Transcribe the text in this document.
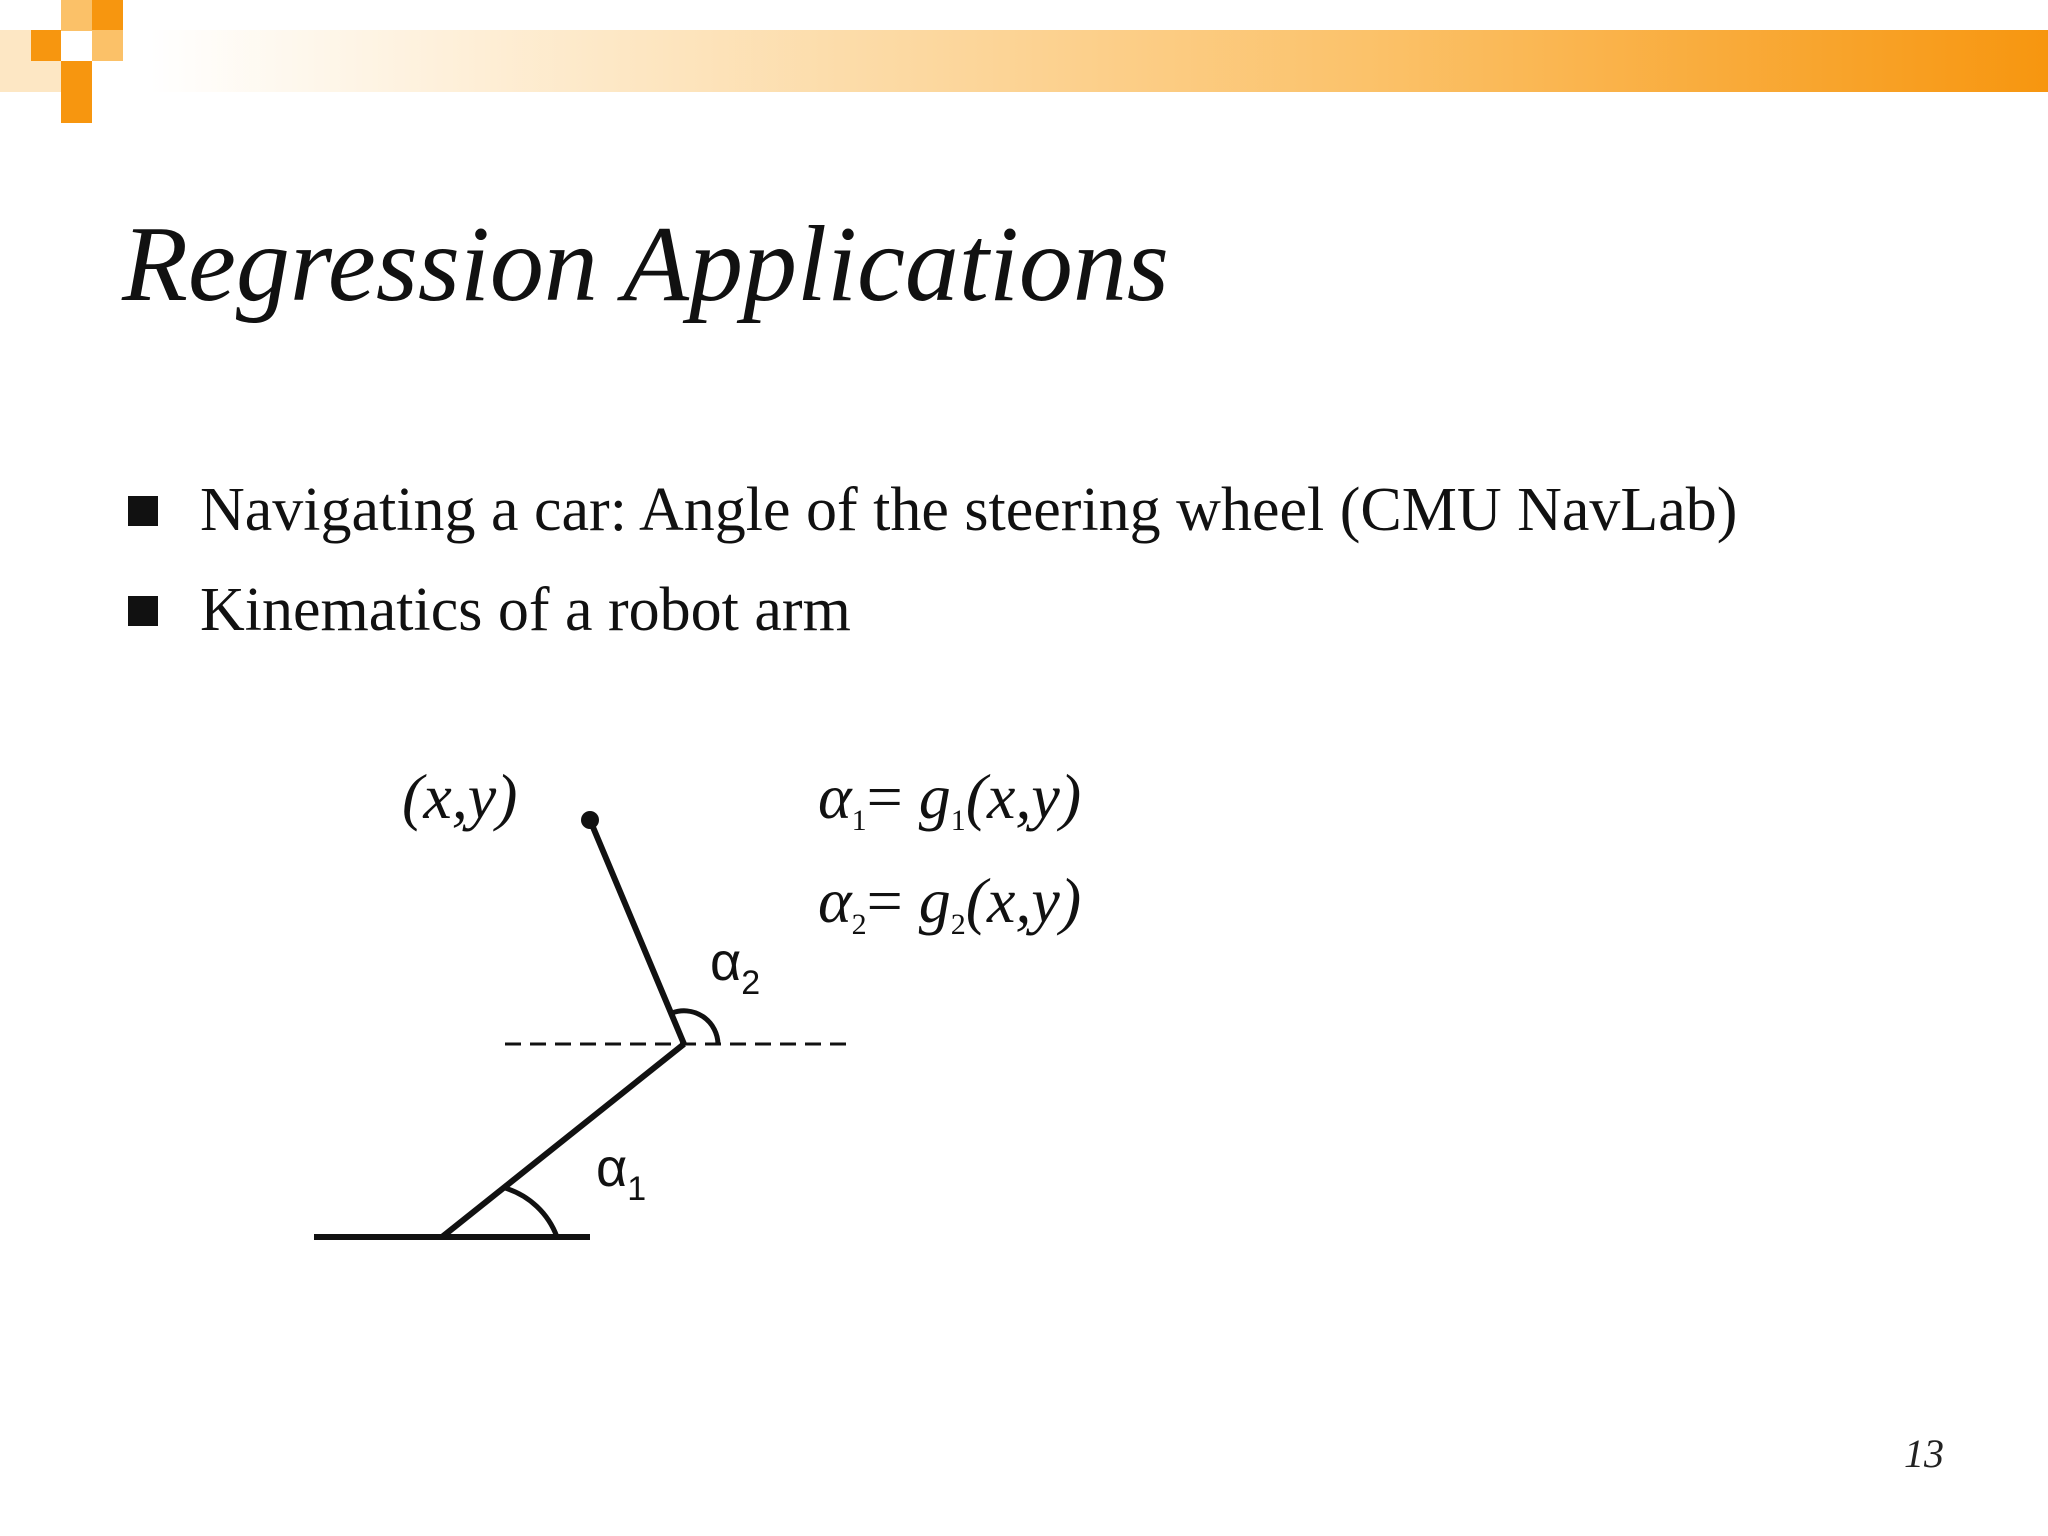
Regression Applications
Navigating a car: Angle of the steering wheel (CMU NavLab)
Kinematics of a robot arm
(x,y)
$\alpha_2$
$\alpha_1$
α1= g1(x,y)
α2= g2(x,y)
13
